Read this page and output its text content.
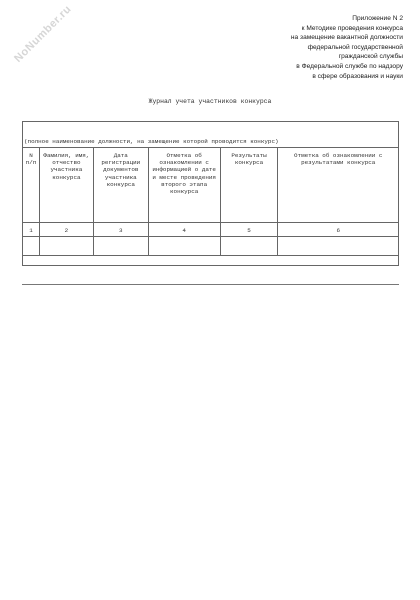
NoNumber.ru	Приложение N 2
к Методике проведения конкурса
на замещение вакантной должности
федеральной государственной
гражданской службы
в Федеральной службе по надзору
в сфере образования и науки
Журнал учета участников конкурса
(полное наименование должности, на замещение которой проводится конкурс)
N п/п	Фамилия, имя, отчество участника конкурса	Дата регистрации документов участника конкурса	Отметка об ознакомлении с информацией о дате и месте проведения второго этапа конкурса	Результаты конкурса	Отметка об ознакомлении с результатами конкурса
1	2	3	4	5	6
